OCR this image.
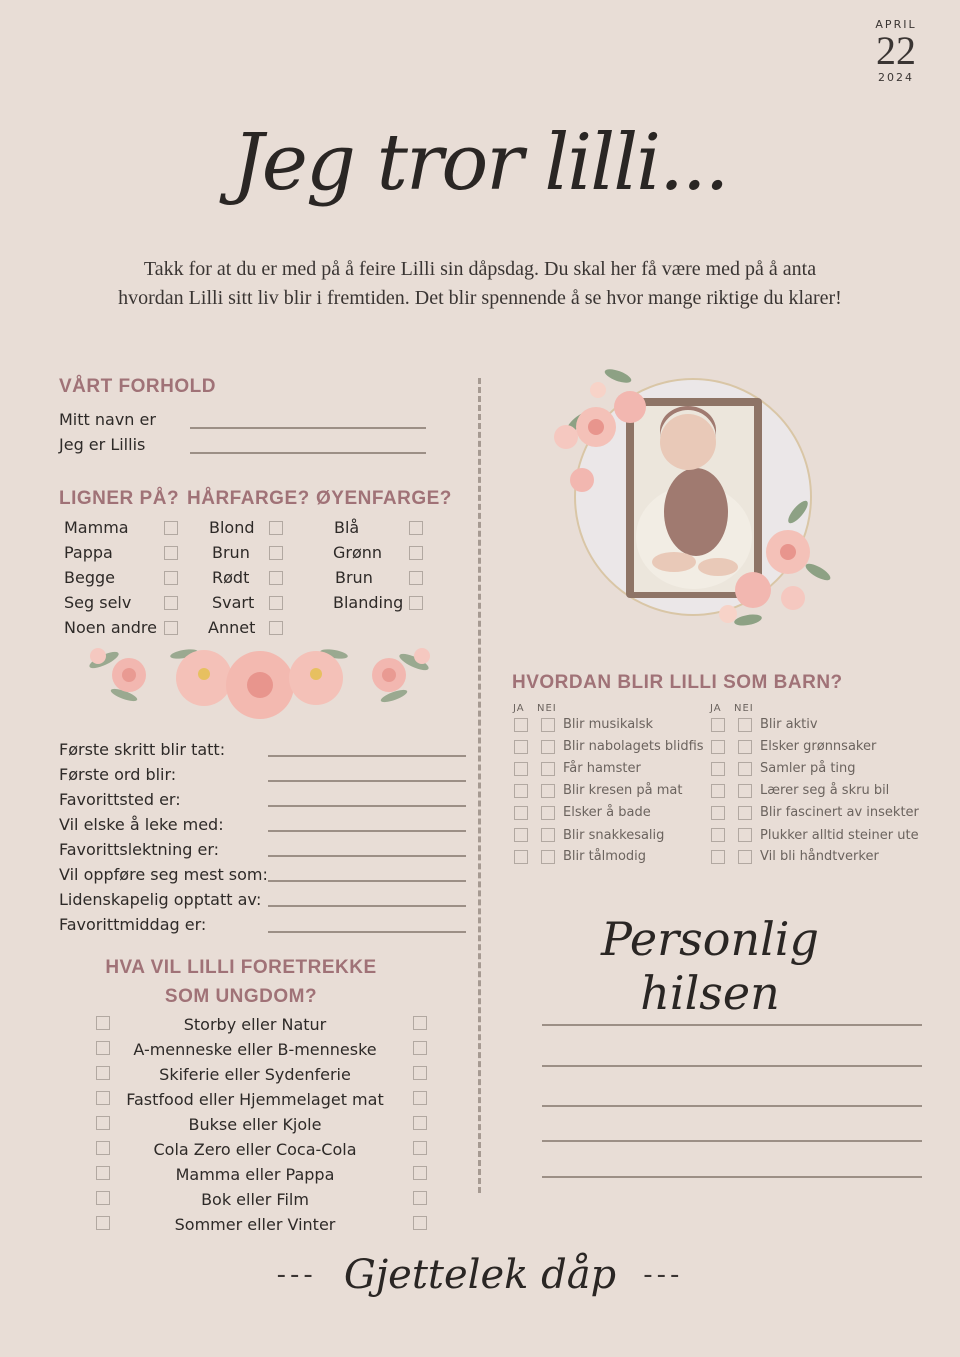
APRIL
22
2024
Jeg tror lilli...
Takk for at du er med på å feire Lilli sin dåpsdag. Du skal her få være med på å anta hvordan Lilli sitt liv blir i fremtiden. Det blir spennende å se hvor mange riktige du klarer!
VÅRT FORHOLD
Mitt navn er
Jeg er Lillis
LIGNER PÅ? HÅRFARGE? ØYENFARGE?
Mamma
Pappa
Begge
Seg selv
Noen andre
Blond
Brun
Rødt
Svart
Annet
Blå
Grønn
Brun
Blanding
Første skritt blir tatt:
Første ord blir:
Favorittsted er:
Vil elske å leke med:
Favorittslektning er:
Vil oppføre seg mest som:
Lidenskapelig opptatt av:
Favorittmiddag er:
HVA VIL LILLI FORETREKKE
SOM UNGDOM?
Storby eller Natur
A-menneske eller B-menneske
Skiferie eller Sydenferie
Fastfood eller Hjemmelaget mat
Bukse eller Kjole
Cola Zero eller Coca-Cola
Mamma eller Pappa
Bok eller Film
Sommer eller Vinter
HVORDAN BLIR LILLI SOM BARN?
JA NEI	JA NEI
Blir musikalsk
Blir nabolagets blidfis
Får hamster
Blir kresen på mat
Elsker å bade
Blir snakkesalig
Blir tålmodig
Blir aktiv
Elsker grønnsaker
Samler på ting
Lærer seg å skru bil
Blir fascinert av insekter
Plukker alltid steiner ute
Vil bli håndtverker
Personlig hilsen
--- Gjettelek dåp ---
